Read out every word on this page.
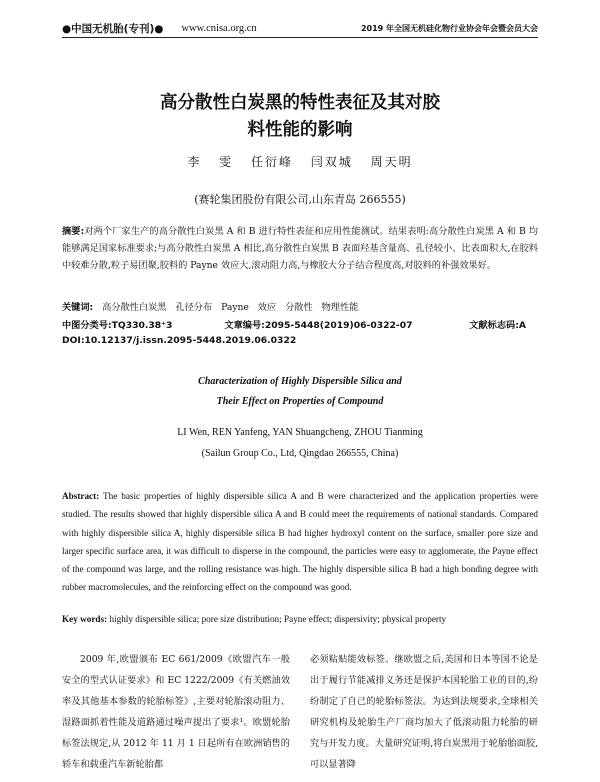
●中国无机胎(专刊)● www.cnisa.org.cn	2019 年全国无机硅化物行业协会年会暨会员大会
高分散性白炭黑的特性表征及其对胶
料性能的影响
李 雯 任衍峰 闫双城 周天明
(赛轮集团股份有限公司,山东青岛 266555)
摘要:对两个厂家生产的高分散性白炭黑 A 和 B 进行特性表征和应用性能测试。结果表明:高分散性白炭黑 A 和 B 均能够满足国家标准要求;与高分散性白炭黑 A 相比,高分散性白炭黑 B 表面羟基含量高、孔径较小、比表面积大,在胶料中较难分散,粒子易团聚,胶料的 Payne 效应大,滚动阻力高,与橡胶大分子结合程度高,对胶料的补强效果好。
关键词: 高分散性白炭黑 孔径分布 Payne 效应 分散性 物理性能
中图分类号:TQ330.38⁺3	文章编号:2095-5448(2019)06-0322-07	文献标志码:A
DOI:10.12137/j.issn.2095-5448.2019.06.0322
Characterization of Highly Dispersible Silica and
Their Effect on Properties of Compound
LI Wen, REN Yanfeng, YAN Shuangcheng, ZHOU Tianming
(Sailun Group Co., Ltd, Qingdao 266555, China)
Abstract: The basic properties of highly dispersible silica A and B were characterized and the application properties were studied. The results showed that highly dispersible silica A and B could meet the requirements of national standards. Compared with highly dispersible silica A, highly dispersible silica B had higher hydroxyl content on the surface, smaller pore size and larger specific surface area, it was difficult to disperse in the compound, the particles were easy to agglomerate, the Payne effect of the compound was large, and the rolling resistance was high. The highly dispersible silica B had a high bonding degree with rubber macromolecules, and the reinforcing effect on the compound was good.
Key words: highly dispersible silica; pore size distribution; Payne effect; dispersivity; physical property
2009 年,欧盟颁布 EC 661/2009《欧盟汽车一般安全的型式认证要求》和 EC 1222/2009《有关燃油效率及其他基本参数的轮胎标签》,主要对轮胎滚动阻力、湿路面抓着性能及道路通过噪声提出了要求¹。欧盟轮胎标签法规定,从 2012 年 11 月 1 日起所有在欧洲销售的轿车和载重汽车新轮胎都
必须粘贴能效标签。继欧盟之后,美国和日本等国不论是出于履行节能减排义务还是保护本国轮胎工业的目的,纷纷制定了自己的轮胎标签法。为达到法规要求,全球相关研究机构及轮胎生产厂商均加大了低滚动阻力轮胎的研究与开发力度。大量研究证明,将白炭黑用于轮胎胎面胶,可以显著降
